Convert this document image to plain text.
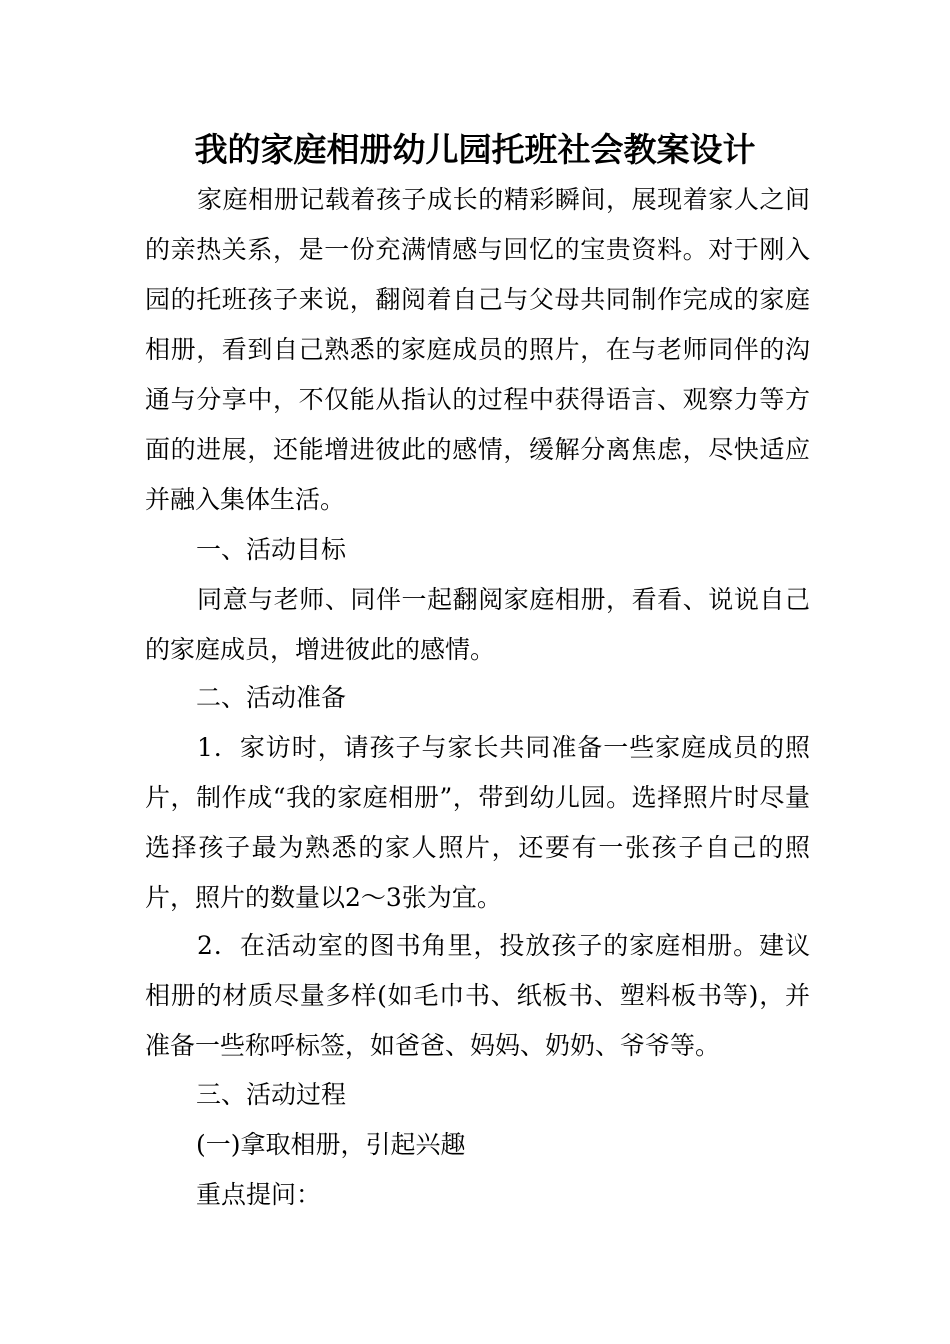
我的家庭相册幼儿园托班社会教案设计

家庭相册记载着孩子成长的精彩瞬间，展现着家人之间的亲热关系，是一份充满情感与回忆的宝贵资料。对于刚入园的托班孩子来说，翻阅着自己与父母共同制作完成的家庭相册，看到自己熟悉的家庭成员的照片，在与老师同伴的沟通与分享中，不仅能从指认的过程中获得语言、观察力等方面的进展，还能增进彼此的感情，缓解分离焦虑，尽快适应并融入集体生活。

一、活动目标

同意与老师、同伴一起翻阅家庭相册，看看、说说自己的家庭成员，增进彼此的感情。

二、活动准备

1．家访时，请孩子与家长共同准备一些家庭成员的照片，制作成“我的家庭相册”，带到幼儿园。选择照片时尽量选择孩子最为熟悉的家人照片，还要有一张孩子自己的照片，照片的数量以2～3张为宜。

2．在活动室的图书角里，投放孩子的家庭相册。建议相册的材质尽量多样(如毛巾书、纸板书、塑料板书等)，并准备一些称呼标签，如爸爸、妈妈、奶奶、爷爷等。

三、活动过程

(一)拿取相册，引起兴趣

重点提问：
